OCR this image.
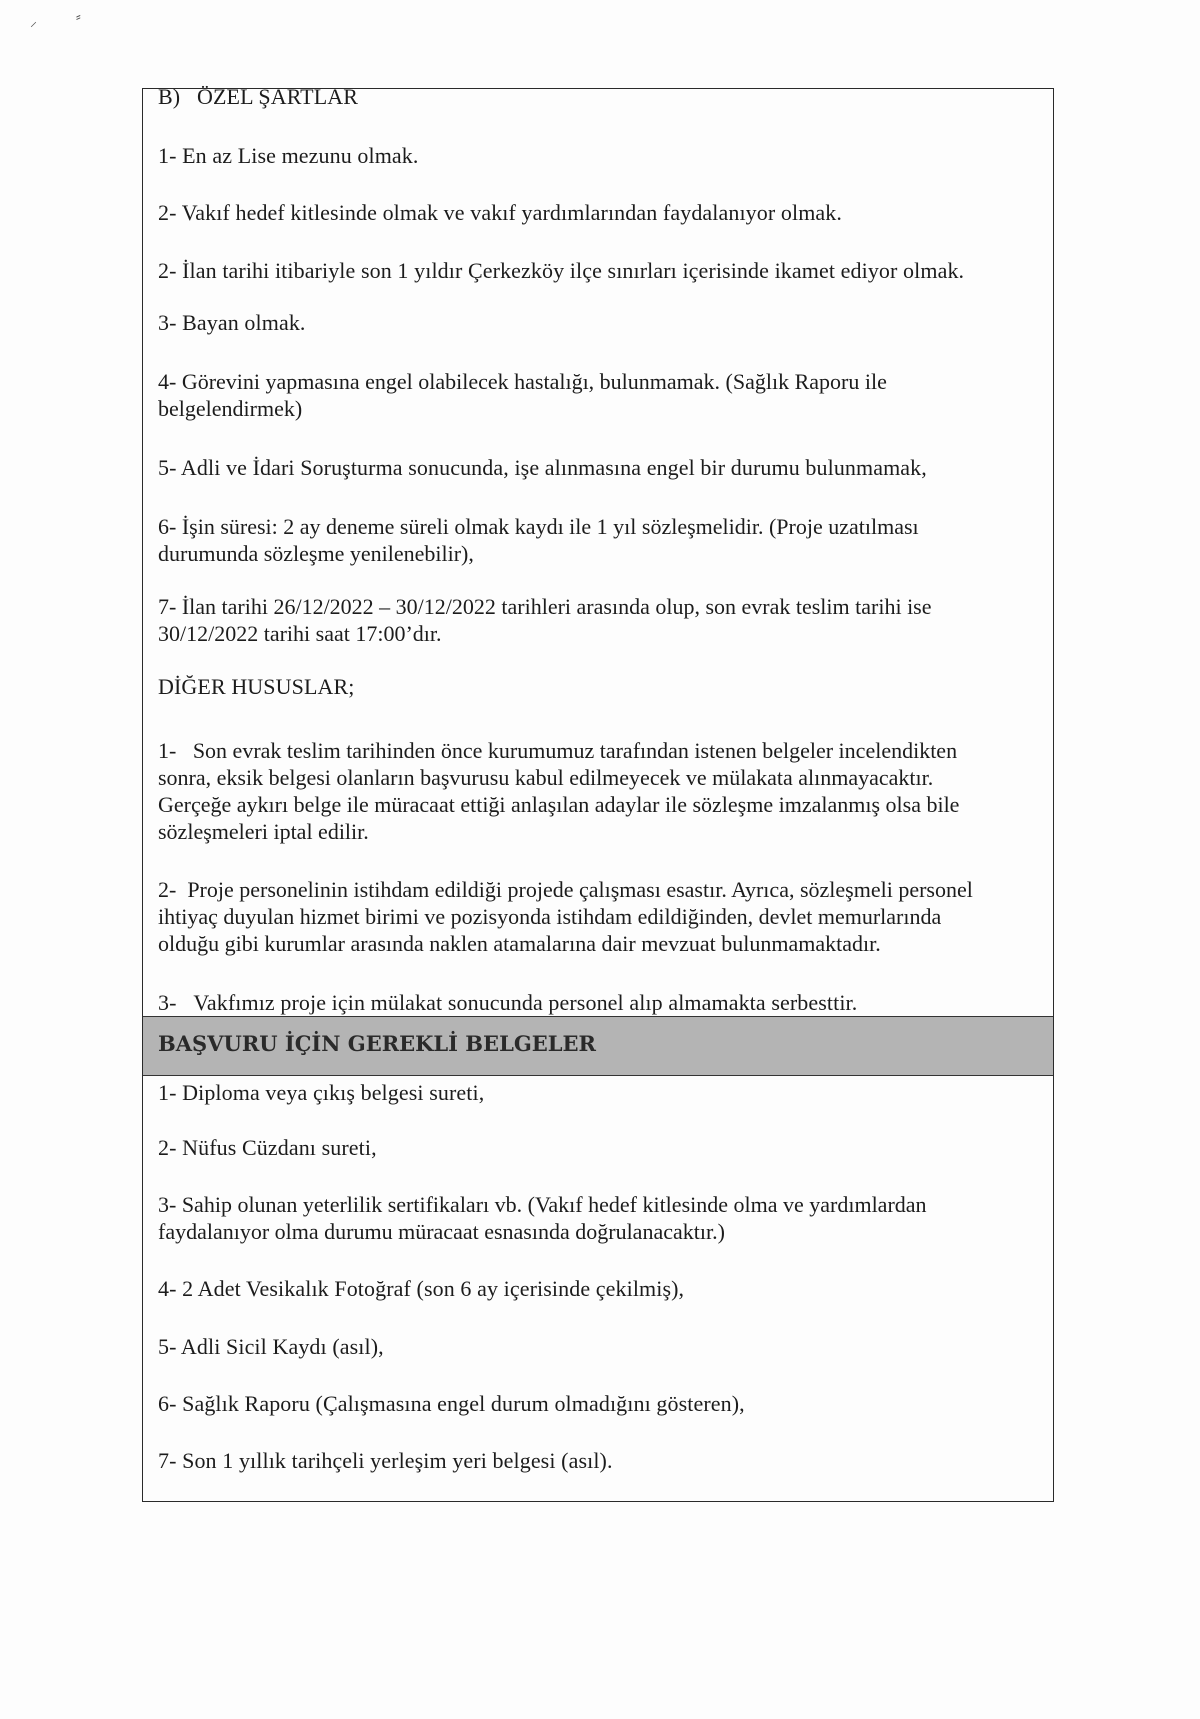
⸝	⸗
B)   ÖZEL ŞARTLAR
1- En az Lise mezunu olmak.
2- Vakıf hedef kitlesinde olmak ve vakıf yardımlarından faydalanıyor olmak.
2- İlan tarihi itibariyle son 1 yıldır Çerkezköy ilçe sınırları içerisinde ikamet ediyor olmak.
3- Bayan olmak.
4- Görevini yapmasına engel olabilecek hastalığı, bulunmamak. (Sağlık Raporu ile
belgelendirmek)
5- Adli ve İdari Soruşturma sonucunda, işe alınmasına engel bir durumu bulunmamak,
6- İşin süresi: 2 ay deneme süreli olmak kaydı ile 1 yıl sözleşmelidir. (Proje uzatılması
durumunda sözleşme yenilenebilir),
7- İlan tarihi 26/12/2022 – 30/12/2022 tarihleri arasında olup, son evrak teslim tarihi ise
30/12/2022 tarihi saat 17:00’dır.
DİĞER HUSUSLAR;
1-   Son evrak teslim tarihinden önce kurumumuz tarafından istenen belgeler incelendikten
sonra, eksik belgesi olanların başvurusu kabul edilmeyecek ve mülakata alınmayacaktır.
Gerçeğe aykırı belge ile müracaat ettiği anlaşılan adaylar ile sözleşme imzalanmış olsa bile
sözleşmeleri iptal edilir.
2-  Proje personelinin istihdam edildiği projede çalışması esastır. Ayrıca, sözleşmeli personel
ihtiyaç duyulan hizmet birimi ve pozisyonda istihdam edildiğinden, devlet memurlarında
olduğu gibi kurumlar arasında naklen atamalarına dair mevzuat bulunmamaktadır.
3-   Vakfımız proje için mülakat sonucunda personel alıp almamakta serbesttir.
BAŞVURU İÇİN GEREKLİ BELGELER
1- Diploma veya çıkış belgesi sureti,
2- Nüfus Cüzdanı sureti,
3- Sahip olunan yeterlilik sertifikaları vb. (Vakıf hedef kitlesinde olma ve yardımlardan
faydalanıyor olma durumu müracaat esnasında doğrulanacaktır.)
4- 2 Adet Vesikalık Fotoğraf (son 6 ay içerisinde çekilmiş),
5- Adli Sicil Kaydı (asıl),
6- Sağlık Raporu (Çalışmasına engel durum olmadığını gösteren),
7- Son 1 yıllık tarihçeli yerleşim yeri belgesi (asıl).
